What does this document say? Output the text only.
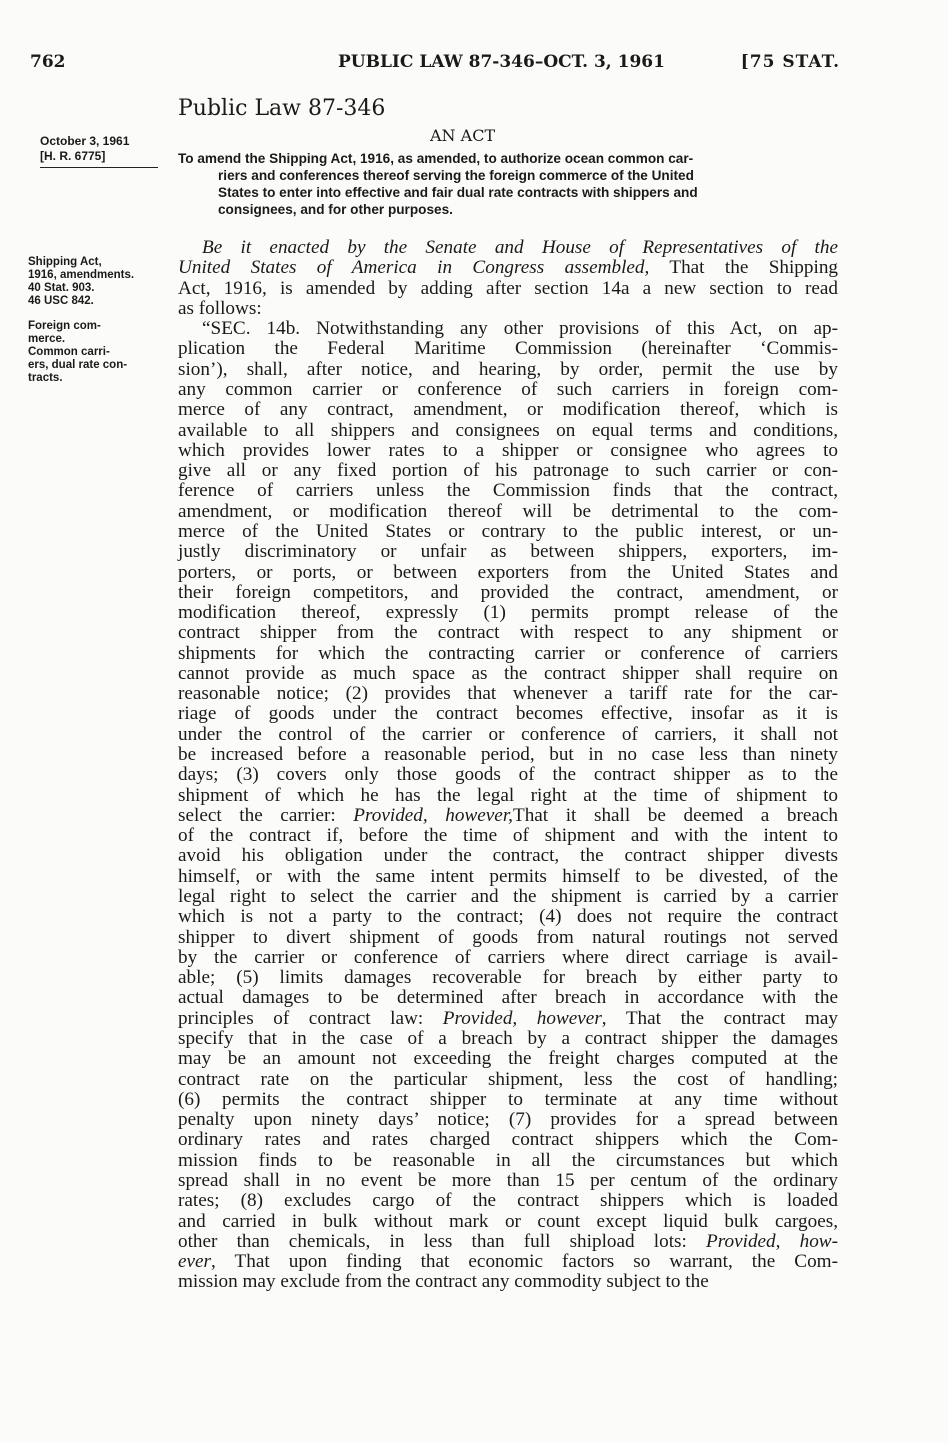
762	PUBLIC LAW 87-346–OCT. 3, 1961	[75 STAT.
Public Law 87-346
October 3, 1961
[H. R. 6775]
AN ACT
To amend the Shipping Act, 1916, as amended, to authorize ocean common car-
riers and conferences thereof serving the foreign commerce of the United
States to enter into effective and fair dual rate contracts with shippers and
consignees, and for other purposes.
Shipping Act,
1916, amendments.
40 Stat. 903.
46 USC 842.
Foreign com-
merce.
Common carri-
ers, dual rate con-
tracts.
Be it enacted by the Senate and House of Representatives of the
United States of America in Congress assembled, That the Shipping
Act, 1916, is amended by adding after section 14a a new section to read
as follows:
“SEC. 14b. Notwithstanding any other provisions of this Act, on ap-
plication the Federal Maritime Commission (hereinafter ‘Commis-
sion’), shall, after notice, and hearing, by order, permit the use by
any common carrier or conference of such carriers in foreign com-
merce of any contract, amendment, or modification thereof, which is
available to all shippers and consignees on equal terms and conditions,
which provides lower rates to a shipper or consignee who agrees to
give all or any fixed portion of his patronage to such carrier or con-
ference of carriers unless the Commission finds that the contract,
amendment, or modification thereof will be detrimental to the com-
merce of the United States or contrary to the public interest, or un-
justly discriminatory or unfair as between shippers, exporters, im-
porters, or ports, or between exporters from the United States and
their foreign competitors, and provided the contract, amendment, or
modification thereof, expressly (1) permits prompt release of the
contract shipper from the contract with respect to any shipment or
shipments for which the contracting carrier or conference of carriers
cannot provide as much space as the contract shipper shall require on
reasonable notice; (2) provides that whenever a tariff rate for the car-
riage of goods under the contract becomes effective, insofar as it is
under the control of the carrier or conference of carriers, it shall not
be increased before a reasonable period, but in no case less than ninety
days; (3) covers only those goods of the contract shipper as to the
shipment of which he has the legal right at the time of shipment to
select the carrier: Provided, however,That it shall be deemed a breach
of the contract if, before the time of shipment and with the intent to
avoid his obligation under the contract, the contract shipper divests
himself, or with the same intent permits himself to be divested, of the
legal right to select the carrier and the shipment is carried by a carrier
which is not a party to the contract; (4) does not require the contract
shipper to divert shipment of goods from natural routings not served
by the carrier or conference of carriers where direct carriage is avail-
able; (5) limits damages recoverable for breach by either party to
actual damages to be determined after breach in accordance with the
principles of contract law: Provided, however, That the contract may
specify that in the case of a breach by a contract shipper the damages
may be an amount not exceeding the freight charges computed at the
contract rate on the particular shipment, less the cost of handling;
(6) permits the contract shipper to terminate at any time without
penalty upon ninety days’ notice; (7) provides for a spread between
ordinary rates and rates charged contract shippers which the Com-
mission finds to be reasonable in all the circumstances but which
spread shall in no event be more than 15 per centum of the ordinary
rates; (8) excludes cargo of the contract shippers which is loaded
and carried in bulk without mark or count except liquid bulk cargoes,
other than chemicals, in less than full shipload lots: Provided, how-
ever, That upon finding that economic factors so warrant, the Com-
mission may exclude from the contract any commodity subject to the
